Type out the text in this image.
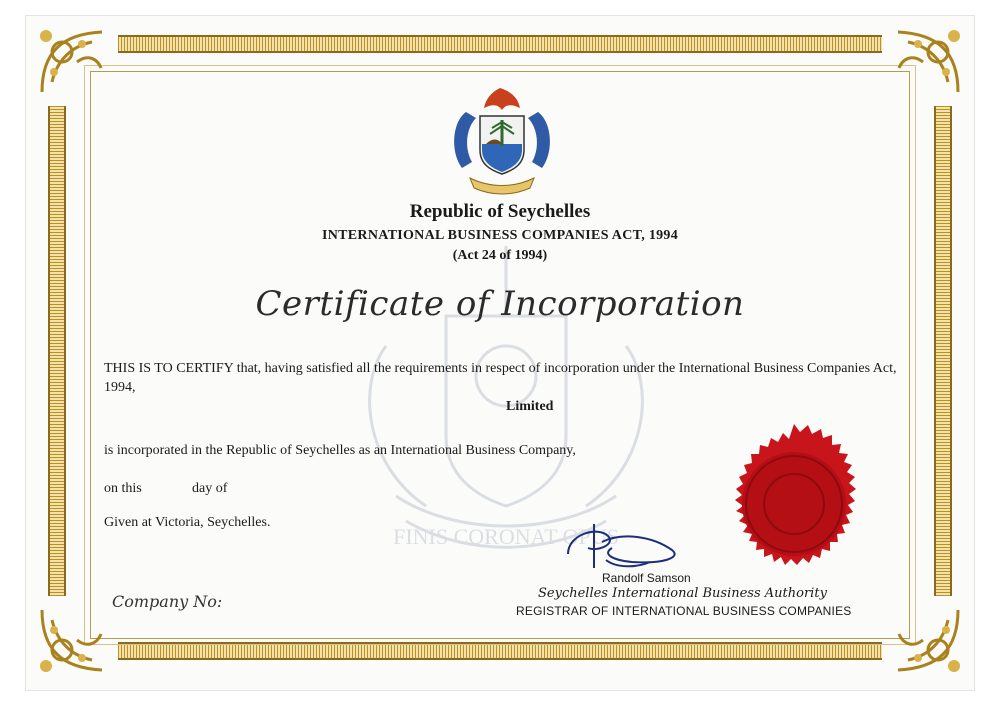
FINIS CORONAT OPUS
Republic of Seychelles
INTERNATIONAL BUSINESS COMPANIES ACT, 1994
(Act 24 of 1994)
Certificate of Incorporation
THIS IS TO CERTIFY that, having satisfied all the requirements in respect of incorporation under the International Business Companies Act, 1994,
Limited
is incorporated in the Republic of Seychelles as an International Business Company,
on this	day of
Given at Victoria, Seychelles.
Company No:
Randolf Samson
Seychelles International Business Authority
REGISTRAR OF INTERNATIONAL BUSINESS COMPANIES
